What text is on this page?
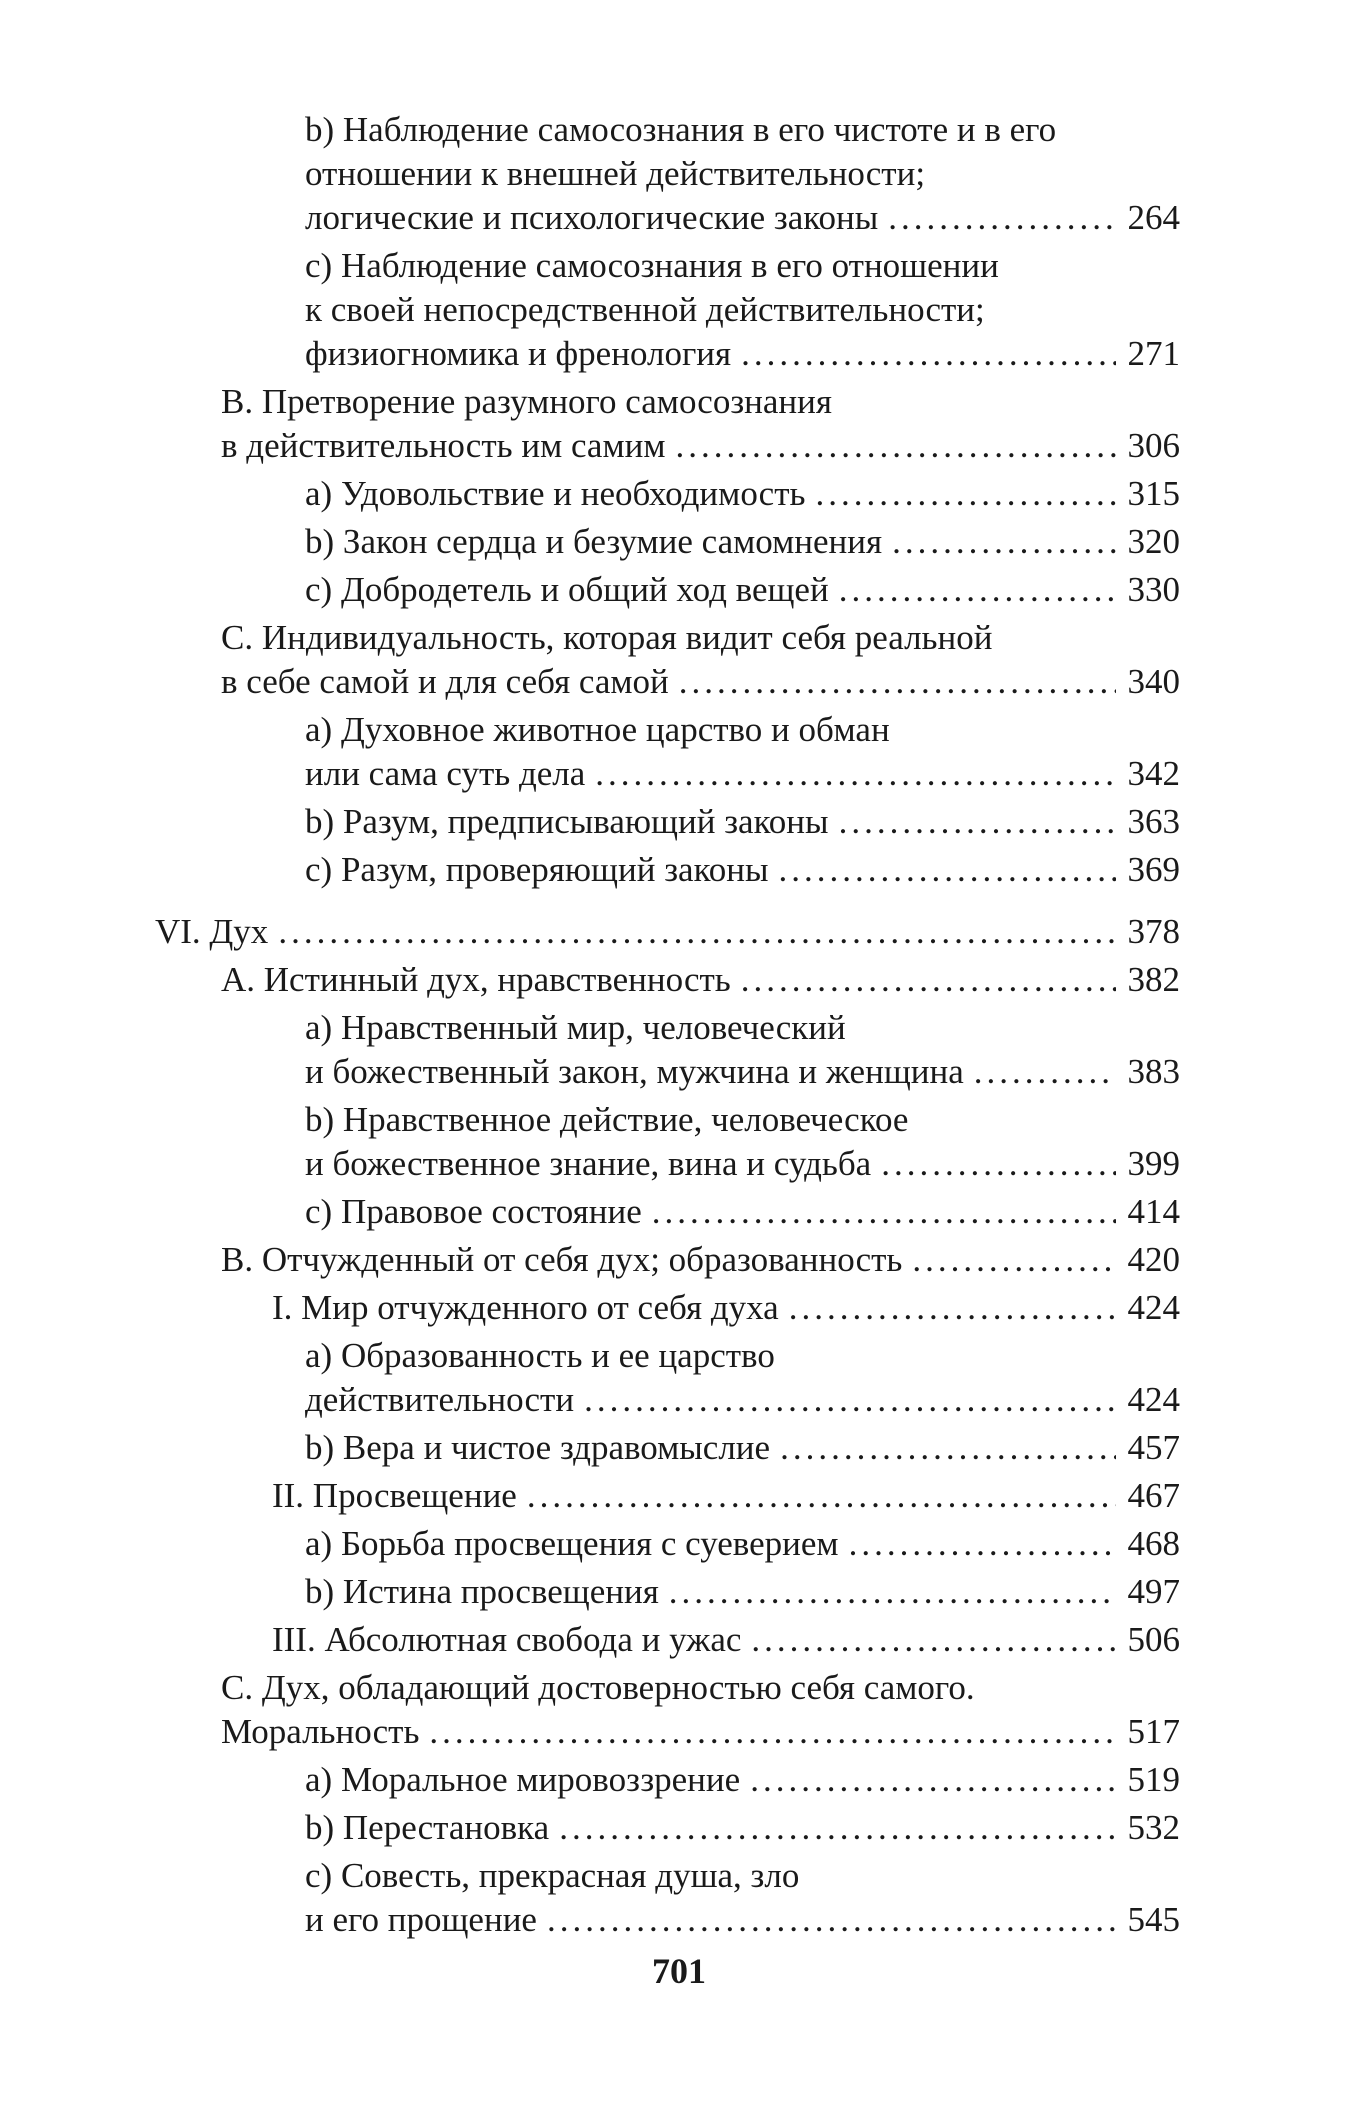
b) Наблюдение самосознания в его чистоте и в его
отношении к внешней действительности;
логические и психологические законы .....	264
c) Наблюдение самосознания в его отношении
к своей непосредственной действительности;
физиогномика и френология .....	271
B. Претворение разумного самосознания
в действительность им самим .....	306
a) Удовольствие и необходимость .....	315
b) Закон сердца и безумие самомнения .....	320
c) Добродетель и общий ход вещей .....	330
C. Индивидуальность, которая видит себя реальной
в себе самой и для себя самой .....	340
a) Духовное животное царство и обман
или сама суть дела .....	342
b) Разум, предписывающий законы .....	363
c) Разум, проверяющий законы .....	369
VI. Дух .....	378
A. Истинный дух, нравственность .....	382
a) Нравственный мир, человеческий
и божественный закон, мужчина и женщина .....	383
b) Нравственное действие, человеческое
и божественное знание, вина и судьба .....	399
c) Правовое состояние .....	414
B. Отчужденный от себя дух; образованность .....	420
I. Мир отчужденного от себя духа .....	424
a) Образованность и ее царство
действительности .....	424
b) Вера и чистое здравомыслие .....	457
II. Просвещение .....	467
a) Борьба просвещения с суеверием .....	468
b) Истина просвещения .....	497
III. Абсолютная свобода и ужас .....	506
C. Дух, обладающий достоверностью себя самого.
Моральность .....	517
a) Моральное мировоззрение .....	519
b) Перестановка .....	532
c) Совесть, прекрасная душа, зло
и его прощение .....	545
701
